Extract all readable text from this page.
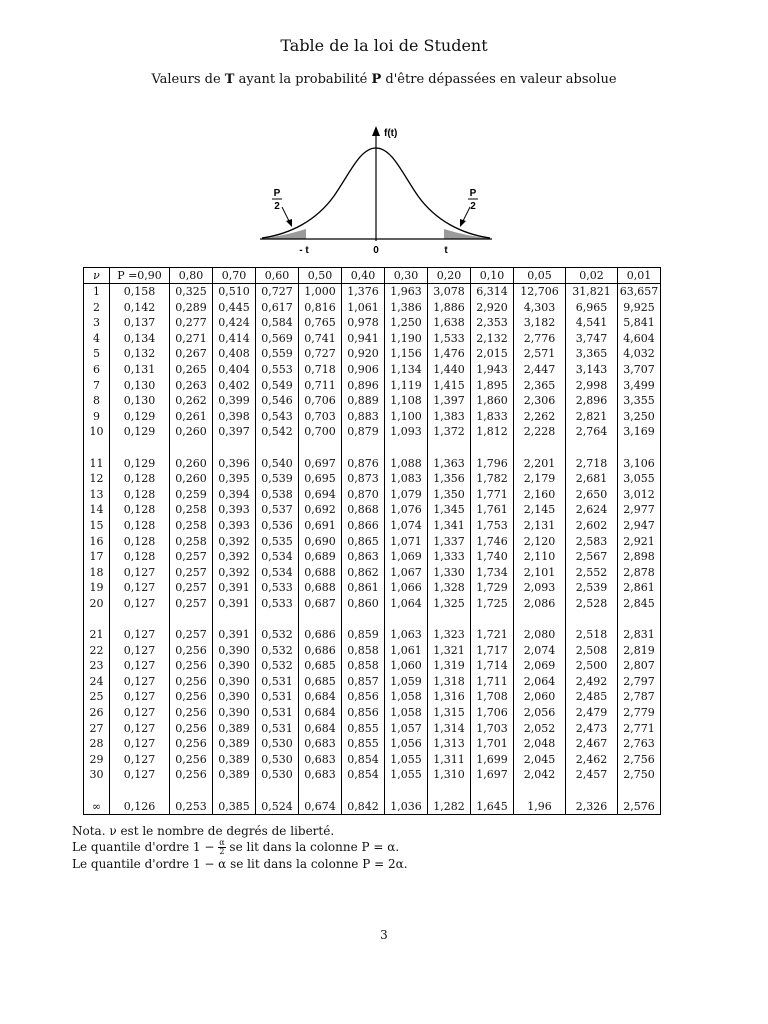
Table de la loi de Student
Valeurs de T ayant la probabilité P d'être dépassées en valeur absolue
f(t)
P
2
P
2
- t	0	t
ν	P =0,90	0,80	0,70	0,60	0,50	0,40	0,30	0,20	0,10	0,05	0,02	0,01
1	0,158	0,325	0,510	0,727	1,000	1,376	1,963	3,078	6,314	12,706	31,821	63,657
2	0,142	0,289	0,445	0,617	0,816	1,061	1,386	1,886	2,920	4,303	6,965	9,925
3	0,137	0,277	0,424	0,584	0,765	0,978	1,250	1,638	2,353	3,182	4,541	5,841
4	0,134	0,271	0,414	0,569	0,741	0,941	1,190	1,533	2,132	2,776	3,747	4,604
5	0,132	0,267	0,408	0,559	0,727	0,920	1,156	1,476	2,015	2,571	3,365	4,032
6	0,131	0,265	0,404	0,553	0,718	0,906	1,134	1,440	1,943	2,447	3,143	3,707
7	0,130	0,263	0,402	0,549	0,711	0,896	1,119	1,415	1,895	2,365	2,998	3,499
8	0,130	0,262	0,399	0,546	0,706	0,889	1,108	1,397	1,860	2,306	2,896	3,355
9	0,129	0,261	0,398	0,543	0,703	0,883	1,100	1,383	1,833	2,262	2,821	3,250
10	0,129	0,260	0,397	0,542	0,700	0,879	1,093	1,372	1,812	2,228	2,764	3,169

11	0,129	0,260	0,396	0,540	0,697	0,876	1,088	1,363	1,796	2,201	2,718	3,106
12	0,128	0,260	0,395	0,539	0,695	0,873	1,083	1,356	1,782	2,179	2,681	3,055
13	0,128	0,259	0,394	0,538	0,694	0,870	1,079	1,350	1,771	2,160	2,650	3,012
14	0,128	0,258	0,393	0,537	0,692	0,868	1,076	1,345	1,761	2,145	2,624	2,977
15	0,128	0,258	0,393	0,536	0,691	0,866	1,074	1,341	1,753	2,131	2,602	2,947
16	0,128	0,258	0,392	0,535	0,690	0,865	1,071	1,337	1,746	2,120	2,583	2,921
17	0,128	0,257	0,392	0,534	0,689	0,863	1,069	1,333	1,740	2,110	2,567	2,898
18	0,127	0,257	0,392	0,534	0,688	0,862	1,067	1,330	1,734	2,101	2,552	2,878
19	0,127	0,257	0,391	0,533	0,688	0,861	1,066	1,328	1,729	2,093	2,539	2,861
20	0,127	0,257	0,391	0,533	0,687	0,860	1,064	1,325	1,725	2,086	2,528	2,845

21	0,127	0,257	0,391	0,532	0,686	0,859	1,063	1,323	1,721	2,080	2,518	2,831
22	0,127	0,256	0,390	0,532	0,686	0,858	1,061	1,321	1,717	2,074	2,508	2,819
23	0,127	0,256	0,390	0,532	0,685	0,858	1,060	1,319	1,714	2,069	2,500	2,807
24	0,127	0,256	0,390	0,531	0,685	0,857	1,059	1,318	1,711	2,064	2,492	2,797
25	0,127	0,256	0,390	0,531	0,684	0,856	1,058	1,316	1,708	2,060	2,485	2,787
26	0,127	0,256	0,390	0,531	0,684	0,856	1,058	1,315	1,706	2,056	2,479	2,779
27	0,127	0,256	0,389	0,531	0,684	0,855	1,057	1,314	1,703	2,052	2,473	2,771
28	0,127	0,256	0,389	0,530	0,683	0,855	1,056	1,313	1,701	2,048	2,467	2,763
29	0,127	0,256	0,389	0,530	0,683	0,854	1,055	1,311	1,699	2,045	2,462	2,756
30	0,127	0,256	0,389	0,530	0,683	0,854	1,055	1,310	1,697	2,042	2,457	2,750

∞	0,126	0,253	0,385	0,524	0,674	0,842	1,036	1,282	1,645	1,96	2,326	2,576
Nota. ν est le nombre de degrés de liberté.
Le quantile d'ordre $1 - \frac{\alpha}{2}$ se lit dans la colonne P = α.
Le quantile d'ordre 1 − α se lit dans la colonne P = 2α.
3
